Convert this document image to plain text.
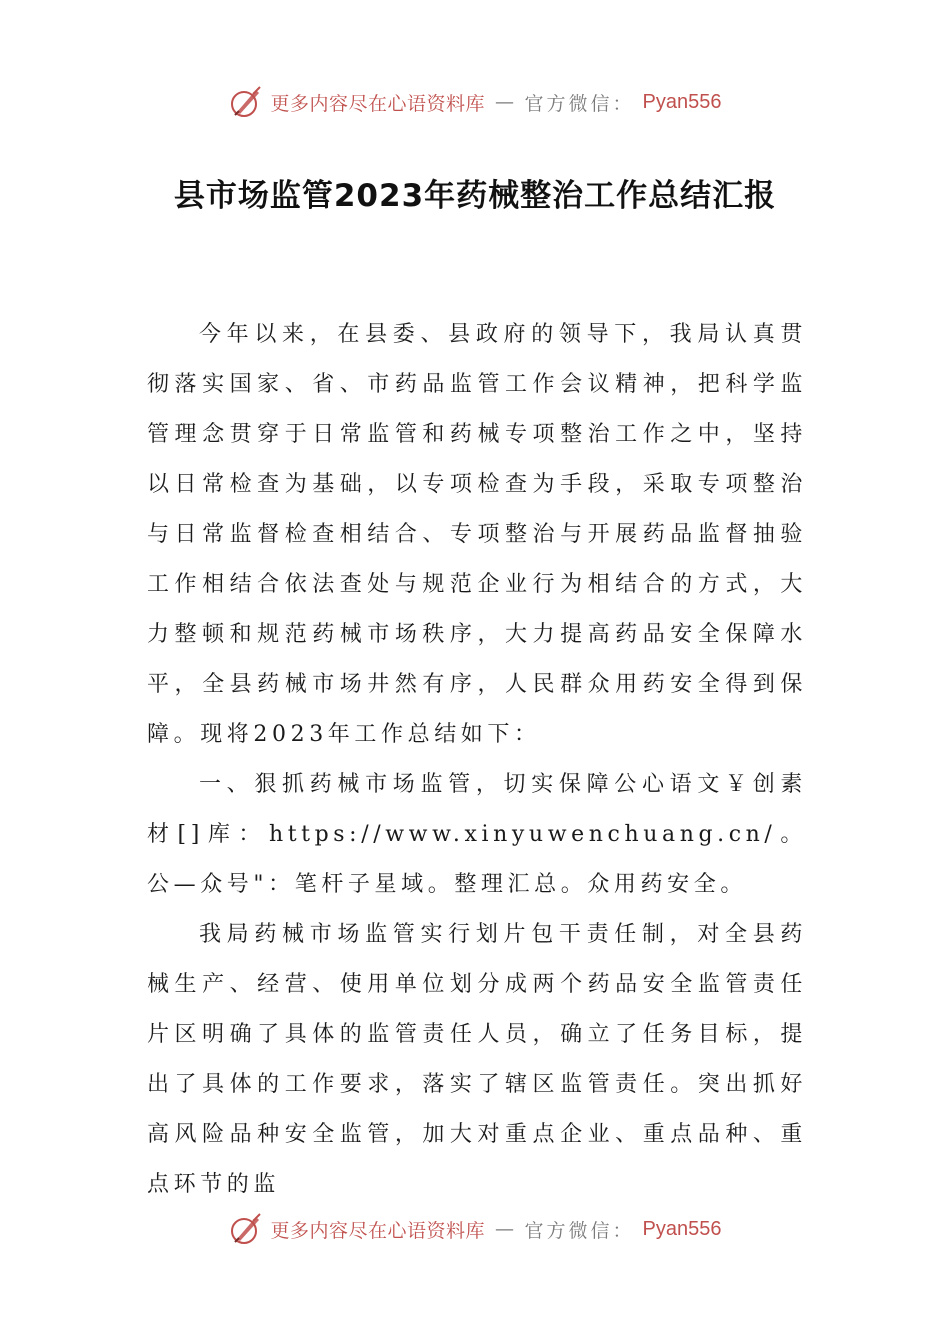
更多内容尽在心语资料库 — 官方微信： Pyan556
县市场监管2023年药械整治工作总结汇报

今年以来，在县委、县政府的领导下，我局认真贯彻落实国家、省、市药品监管工作会议精神，把科学监管理念贯穿于日常监管和药械专项整治工作之中，坚持以日常检查为基础，以专项检查为手段，采取专项整治与日常监督检查相结合、专项整治与开展药品监督抽验工作相结合依法查处与规范企业行为相结合的方式，大力整顿和规范药械市场秩序，大力提高药品安全保障水平，全县药械市场井然有序，人民群众用药安全得到保障。现将2023年工作总结如下：

一、狠抓药械市场监管，切实保障公心语文￥创素材[]库：https://www.xinyuwenchuang.cn/。公—众号"：笔杆子星域。整理汇总。众用药安全。

我局药械市场监管实行划片包干责任制，对全县药械生产、经营、使用单位划分成两个药品安全监管责任片区明确了具体的监管责任人员，确立了任务目标，提出了具体的工作要求，落实了辖区监管责任。突出抓好高风险品种安全监管，加大对重点企业、重点品种、重点环节的监

更多内容尽在心语资料库 — 官方微信： Pyan556
